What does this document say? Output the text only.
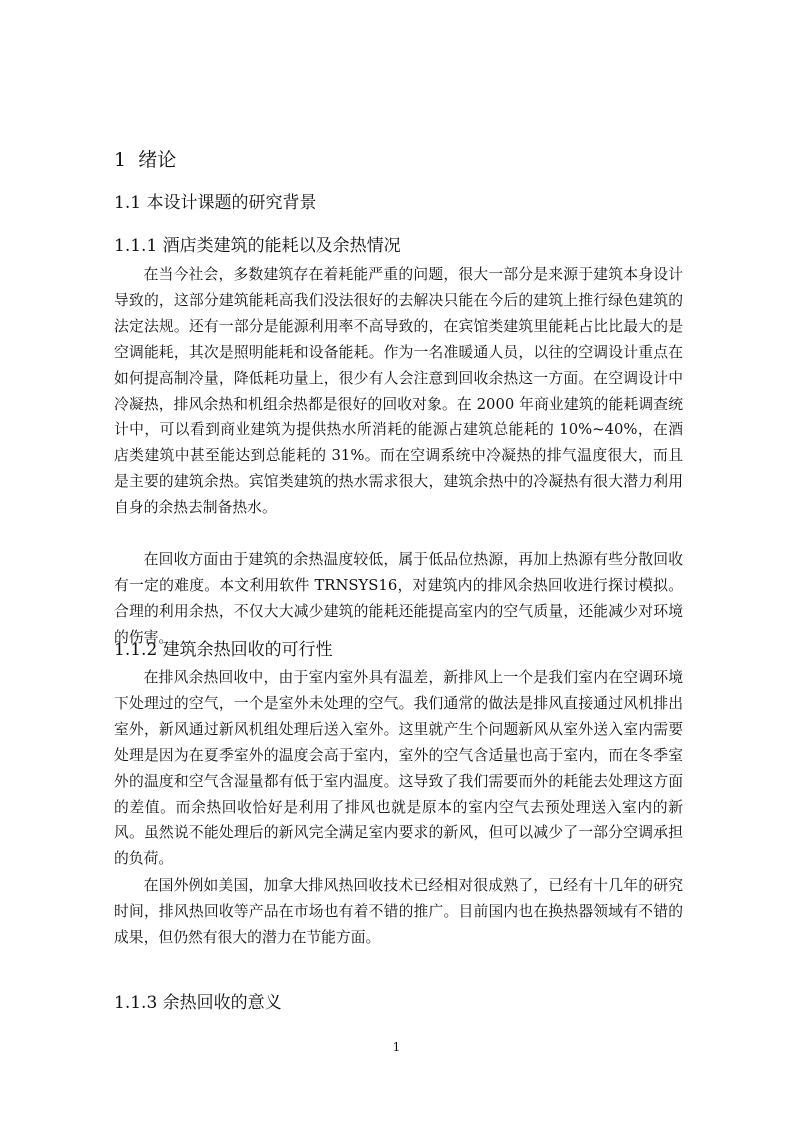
1 绪论
1.1 本设计课题的研究背景
1.1.1 酒店类建筑的能耗以及余热情况

在当今社会，多数建筑存在着耗能严重的问题，很大一部分是来源于建筑本身设计导致的，这部分建筑能耗高我们没法很好的去解决只能在今后的建筑上推行绿色建筑的法定法规。还有一部分是能源利用率不高导致的，在宾馆类建筑里能耗占比比最大的是空调能耗，其次是照明能耗和设备能耗。作为一名准暖通人员，以往的空调设计重点在如何提高制冷量，降低耗功量上，很少有人会注意到回收余热这一方面。在空调设计中冷凝热，排风余热和机组余热都是很好的回收对象。在 2000 年商业建筑的能耗调查统计中，可以看到商业建筑为提供热水所消耗的能源占建筑总能耗的 10%~40%，在酒店类建筑中甚至能达到总能耗的 31%。而在空调系统中冷凝热的排气温度很大，而且是主要的建筑余热。宾馆类建筑的热水需求很大，建筑余热中的冷凝热有很大潜力利用自身的余热去制备热水。

在回收方面由于建筑的余热温度较低，属于低品位热源，再加上热源有些分散回收有一定的难度。本文利用软件 TRNSYS16，对建筑内的排风余热回收进行探讨模拟。合理的利用余热，不仅大大减少建筑的能耗还能提高室内的空气质量，还能减少对环境的伤害。

1.1.2 建筑余热回收的可行性

在排风余热回收中，由于室内室外具有温差，新排风上一个是我们室内在空调环境下处理过的空气，一个是室外未处理的空气。我们通常的做法是排风直接通过风机排出室外，新风通过新风机组处理后送入室外。这里就产生个问题新风从室外送入室内需要处理是因为在夏季室外的温度会高于室内，室外的空气含适量也高于室内，而在冬季室外的温度和空气含湿量都有低于室内温度。这导致了我们需要而外的耗能去处理这方面的差值。而余热回收恰好是利用了排风也就是原本的室内空气去预处理送入室内的新风。虽然说不能处理后的新风完全满足室内要求的新风，但可以减少了一部分空调承担的负荷。

在国外例如美国，加拿大排风热回收技术已经相对很成熟了，已经有十几年的研究时间，排风热回收等产品在市场也有着不错的推广。目前国内也在换热器领域有不错的成果，但仍然有很大的潜力在节能方面。

1.1.3 余热回收的意义
1
